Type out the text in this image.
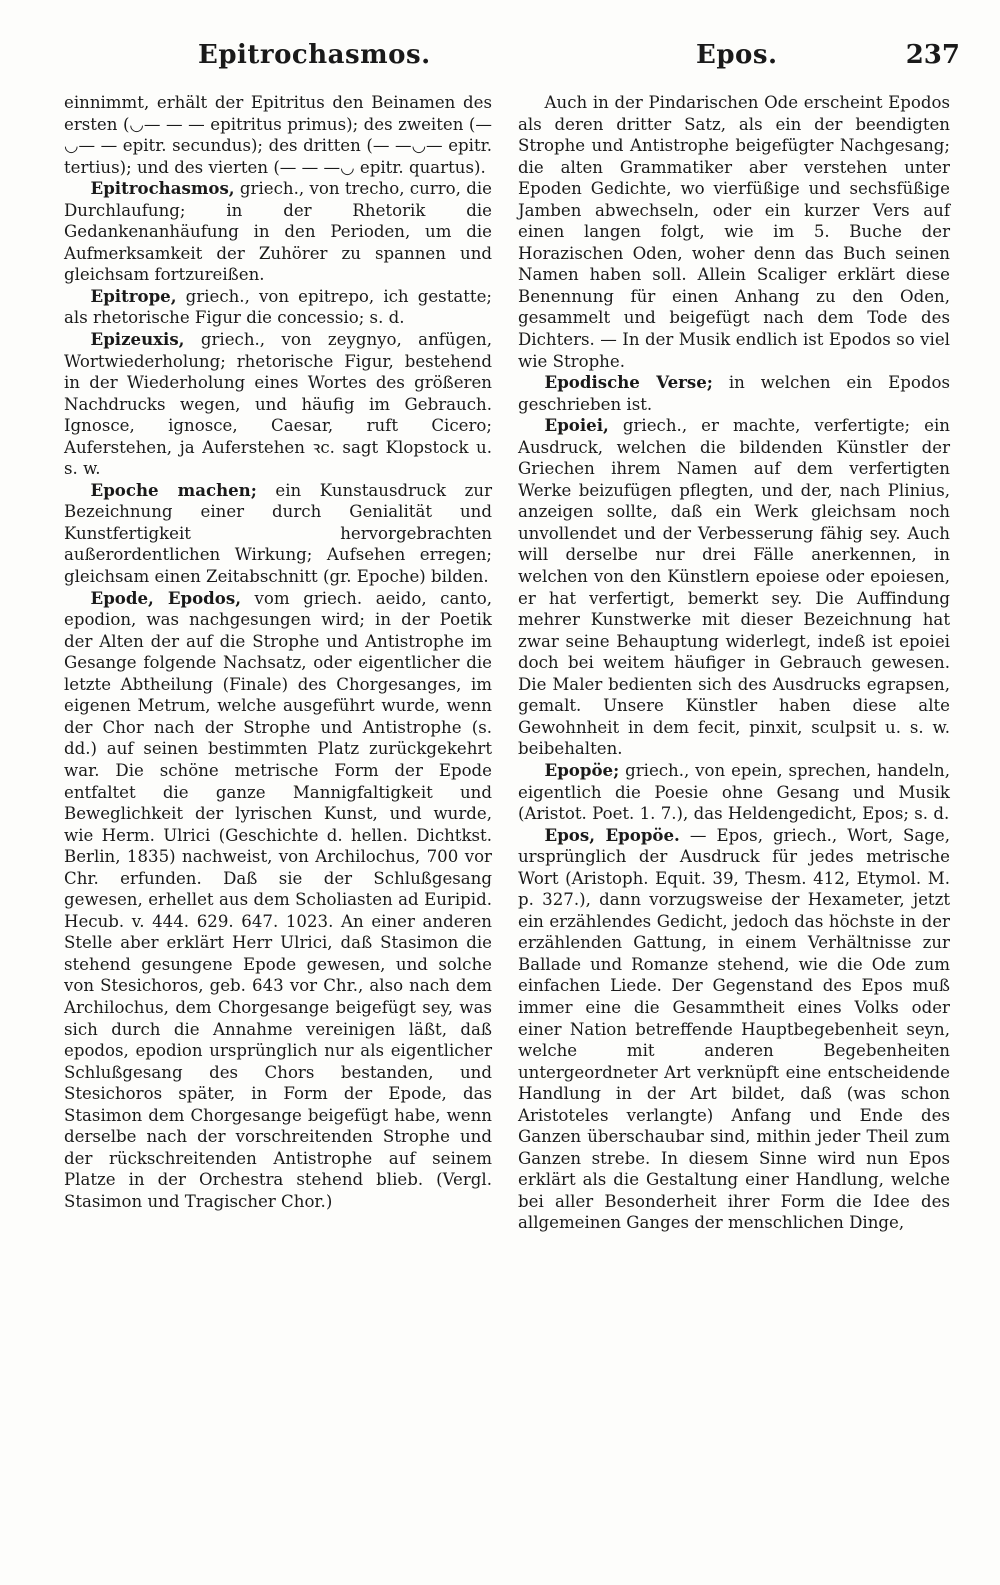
Epitrochasmos.	Epos.	237

einnimmt, erhält der Epitritus den Beinamen des ersten (◡— — — epitritus primus); des zweiten (—◡— — epitr. secundus); des dritten (— —◡— epitr. tertius); und des vierten (— — —◡ epitr. quartus).

Epitrochasmos, griech., von trecho, curro, die Durchlaufung; in der Rhetorik die Gedankenanhäufung in den Perioden, um die Aufmerksamkeit der Zuhörer zu spannen und gleichsam fortzureißen.

Epitrope, griech., von epitrepo, ich gestatte; als rhetorische Figur die concessio; s. d.

Epizeuxis, griech., von zeygnyo, anfügen, Wortwiederholung; rhetorische Figur, bestehend in der Wiederholung eines Wortes des größeren Nachdrucks wegen, und häufig im Gebrauch. Ignosce, ignosce, Caesar, ruft Cicero; Auferstehen, ja Auferstehen ꝛc. sagt Klopstock u. s. w.

Epoche machen; ein Kunstausdruck zur Bezeichnung einer durch Genialität und Kunstfertigkeit hervorgebrachten außerordentlichen Wirkung; Aufsehen erregen; gleichsam einen Zeitabschnitt (gr. Epoche) bilden.

Epode, Epodos, vom griech. aeido, canto, epodion, was nachgesungen wird; in der Poetik der Alten der auf die Strophe und Antistrophe im Gesange folgende Nachsatz, oder eigentlicher die letzte Abtheilung (Finale) des Chorgesanges, im eigenen Metrum, welche ausgeführt wurde, wenn der Chor nach der Strophe und Antistrophe (s. dd.) auf seinen bestimmten Platz zurückgekehrt war. Die schöne metrische Form der Epode entfaltet die ganze Mannigfaltigkeit und Beweglichkeit der lyrischen Kunst, und wurde, wie Herm. Ulrici (Geschichte d. hellen. Dichtkst. Berlin, 1835) nachweist, von Archilochus, 700 vor Chr. erfunden. Daß sie der Schlußgesang gewesen, erhellet aus dem Scholiasten ad Euripid. Hecub. v. 444. 629. 647. 1023. An einer anderen Stelle aber erklärt Herr Ulrici, daß Stasimon die stehend gesungene Epode gewesen, und solche von Stesichoros, geb. 643 vor Chr., also nach dem Archilochus, dem Chorgesange beigefügt sey, was sich durch die Annahme vereinigen läßt, daß epodos, epodion ursprünglich nur als eigentlicher Schlußgesang des Chors bestanden, und Stesichoros später, in Form der Epode, das Stasimon dem Chorgesange beigefügt habe, wenn derselbe nach der vorschreitenden Strophe und der rückschreitenden Antistrophe auf seinem Platze in der Orchestra stehend blieb. (Vergl. Stasimon und Tragischer Chor.)

Auch in der Pindarischen Ode erscheint Epodos als deren dritter Satz, als ein der beendigten Strophe und Antistrophe beigefügter Nachgesang; die alten Grammatiker aber verstehen unter Epoden Gedichte, wo vierfüßige und sechsfüßige Jamben abwechseln, oder ein kurzer Vers auf einen langen folgt, wie im 5. Buche der Horazischen Oden, woher denn das Buch seinen Namen haben soll. Allein Scaliger erklärt diese Benennung für einen Anhang zu den Oden, gesammelt und beigefügt nach dem Tode des Dichters. — In der Musik endlich ist Epodos so viel wie Strophe.

Epodische Verse; in welchen ein Epodos geschrieben ist.

Epoiei, griech., er machte, verfertigte; ein Ausdruck, welchen die bildenden Künstler der Griechen ihrem Namen auf dem verfertigten Werke beizufügen pflegten, und der, nach Plinius, anzeigen sollte, daß ein Werk gleichsam noch unvollendet und der Verbesserung fähig sey. Auch will derselbe nur drei Fälle anerkennen, in welchen von den Künstlern epoiese oder epoiesen, er hat verfertigt, bemerkt sey. Die Auffindung mehrer Kunstwerke mit dieser Bezeichnung hat zwar seine Behauptung widerlegt, indeß ist epoiei doch bei weitem häufiger in Gebrauch gewesen. Die Maler bedienten sich des Ausdrucks egrapsen, gemalt. Unsere Künstler haben diese alte Gewohnheit in dem fecit, pinxit, sculpsit u. s. w. beibehalten.

Epopöe; griech., von epein, sprechen, handeln, eigentlich die Poesie ohne Gesang und Musik (Aristot. Poet. 1. 7.), das Heldengedicht, Epos; s. d.

Epos, Epopöe. — Epos, griech., Wort, Sage, ursprünglich der Ausdruck für jedes metrische Wort (Aristoph. Equit. 39, Thesm. 412, Etymol. M. p. 327.), dann vorzugsweise der Hexameter, jetzt ein erzählendes Gedicht, jedoch das höchste in der erzählenden Gattung, in einem Verhältnisse zur Ballade und Romanze stehend, wie die Ode zum einfachen Liede. Der Gegenstand des Epos muß immer eine die Gesammtheit eines Volks oder einer Nation betreffende Hauptbegebenheit seyn, welche mit anderen Begebenheiten untergeordneter Art verknüpft eine entscheidende Handlung in der Art bildet, daß (was schon Aristoteles verlangte) Anfang und Ende des Ganzen überschaubar sind, mithin jeder Theil zum Ganzen strebe. In diesem Sinne wird nun Epos erklärt als die Gestaltung einer Handlung, welche bei aller Besonderheit ihrer Form die Idee des allgemeinen Ganges der menschlichen Dinge,
